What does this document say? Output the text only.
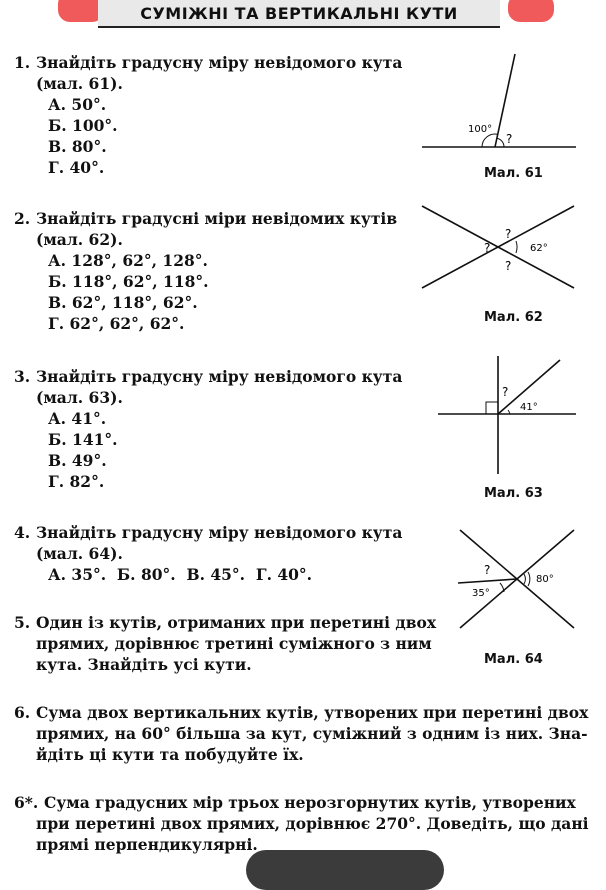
СУМІЖНІ ТА ВЕРТИКАЛЬНІ КУТИ
1. Знайдіть градусну міру невідомого кута
(мал. 61).
А. 50°.
Б. 100°.
В. 80°.
Г. 40°.
2. Знайдіть градусні міри невідомих кутів
(мал. 62).
А. 128°, 62°, 128°.
Б. 118°, 62°, 118°.
В. 62°, 118°, 62°.
Г. 62°, 62°, 62°.
3. Знайдіть градусну міру невідомого кута
(мал. 63).
А. 41°.
Б. 141°.
В. 49°.
Г. 82°.
4. Знайдіть градусну міру невідомого кута
(мал. 64).
А. 35°.  Б. 80°.  В. 45°.  Г. 40°.
5. Один із кутів, отриманих при перетині двох
прямих, дорівнює третині суміжного з ним
кута. Знайдіть усі кути.
6. Сума двох вертикальних кутів, утворених при перетині двох
прямих, на 60° більша за кут, суміжний з одним із них. Зна-
йдіть ці кути та побудуйте їх.
6*. Сума градусних мір трьох нерозгорнутих кутів, утворених
при перетині двох прямих, дорівнює 270°. Доведіть, що дані
прямі перпендикулярні.
100°
?
Мал. 61
?
?
?
62°
Мал. 62
?
41°
Мал. 63
?
35°
80°
Мал. 64
